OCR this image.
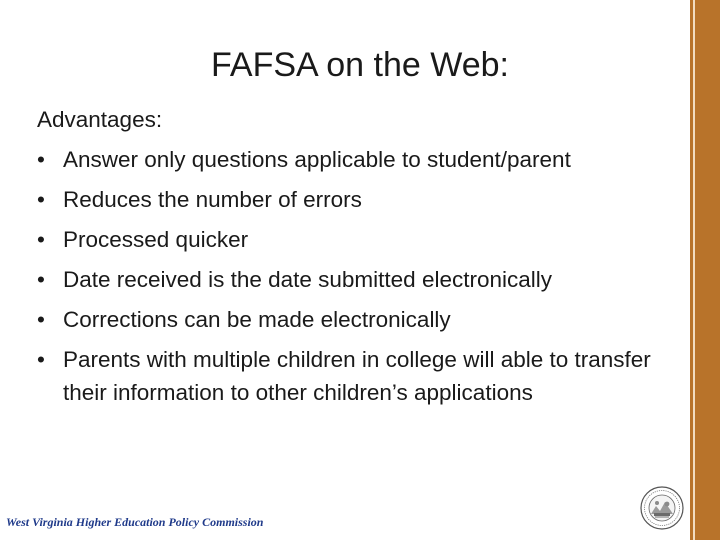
FAFSA on the Web:
Advantages:
• Answer only questions applicable to student/parent
• Reduces the number of errors
• Processed quicker
• Date received is the date submitted electronically
• Corrections can be made electronically
• Parents with multiple children in college will able to transfer their information to other children’s applications
West Virginia Higher Education Policy Commission
